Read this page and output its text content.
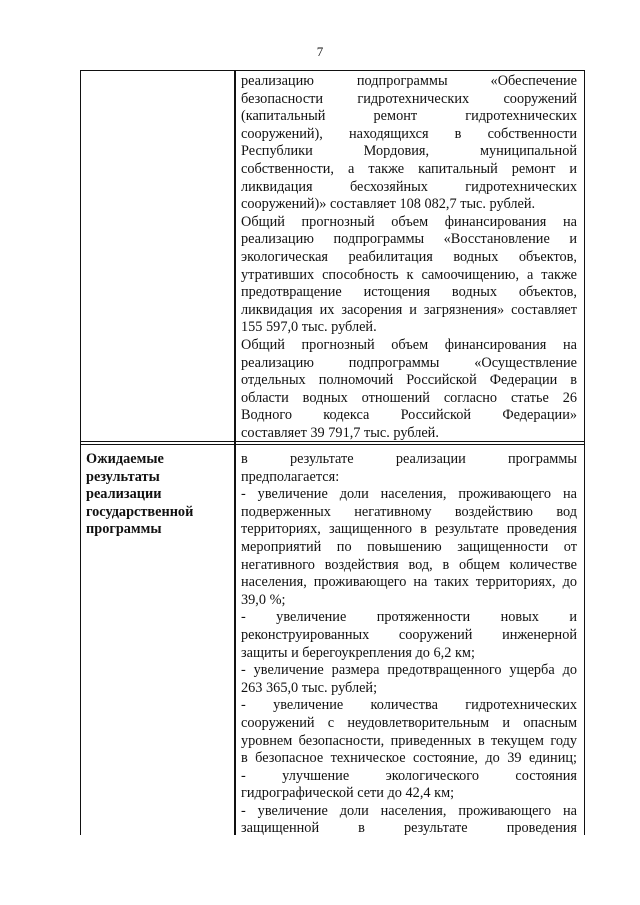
7
реализацию подпрограммы «Обеспечение
безопасности гидротехнических сооружений
(капитальный ремонт гидротехнических
сооружений), находящихся в собственности
Республики Мордовия, муниципальной
собственности, а также капитальный ремонт и
ликвидация бесхозяйных гидротехнических
сооружений)» составляет 108 082,7 тыс. рублей.
Общий прогнозный объем финансирования на
реализацию подпрограммы «Восстановление и
экологическая реабилитация водных объектов,
утративших способность к самоочищению, а также
предотвращение истощения водных объектов,
ликвидация их засорения и загрязнения» составляет
155 597,0 тыс. рублей.
Общий прогнозный объем финансирования на
реализацию подпрограммы «Осуществление
отдельных полномочий Российской Федерации в
области водных отношений согласно статье 26
Водного кодекса Российской Федерации»
составляет 39 791,7 тыс. рублей.
Ожидаемые
результаты
реализации
государственной
программы
в результате реализации программы
предполагается:
- увеличение доли населения, проживающего на
подверженных негативному воздействию вод
территориях, защищенного в результате проведения
мероприятий по повышению защищенности от
негативного воздействия вод, в общем количестве
населения, проживающего на таких территориях, до
39,0 %;
- увеличение протяженности новых и
реконструированных сооружений инженерной
защиты и берегоукрепления до 6,2 км;
- увеличение размера предотвращенного ущерба до
263 365,0 тыс. рублей;
- увеличение количества гидротехнических
сооружений с неудовлетворительным и опасным
уровнем безопасности, приведенных в текущем году
в безопасное техническое состояние, до 39 единиц;
- улучшение экологического состояния
гидрографической сети до 42,4 км;
- увеличение доли населения, проживающего на
защищенной в результате проведения
